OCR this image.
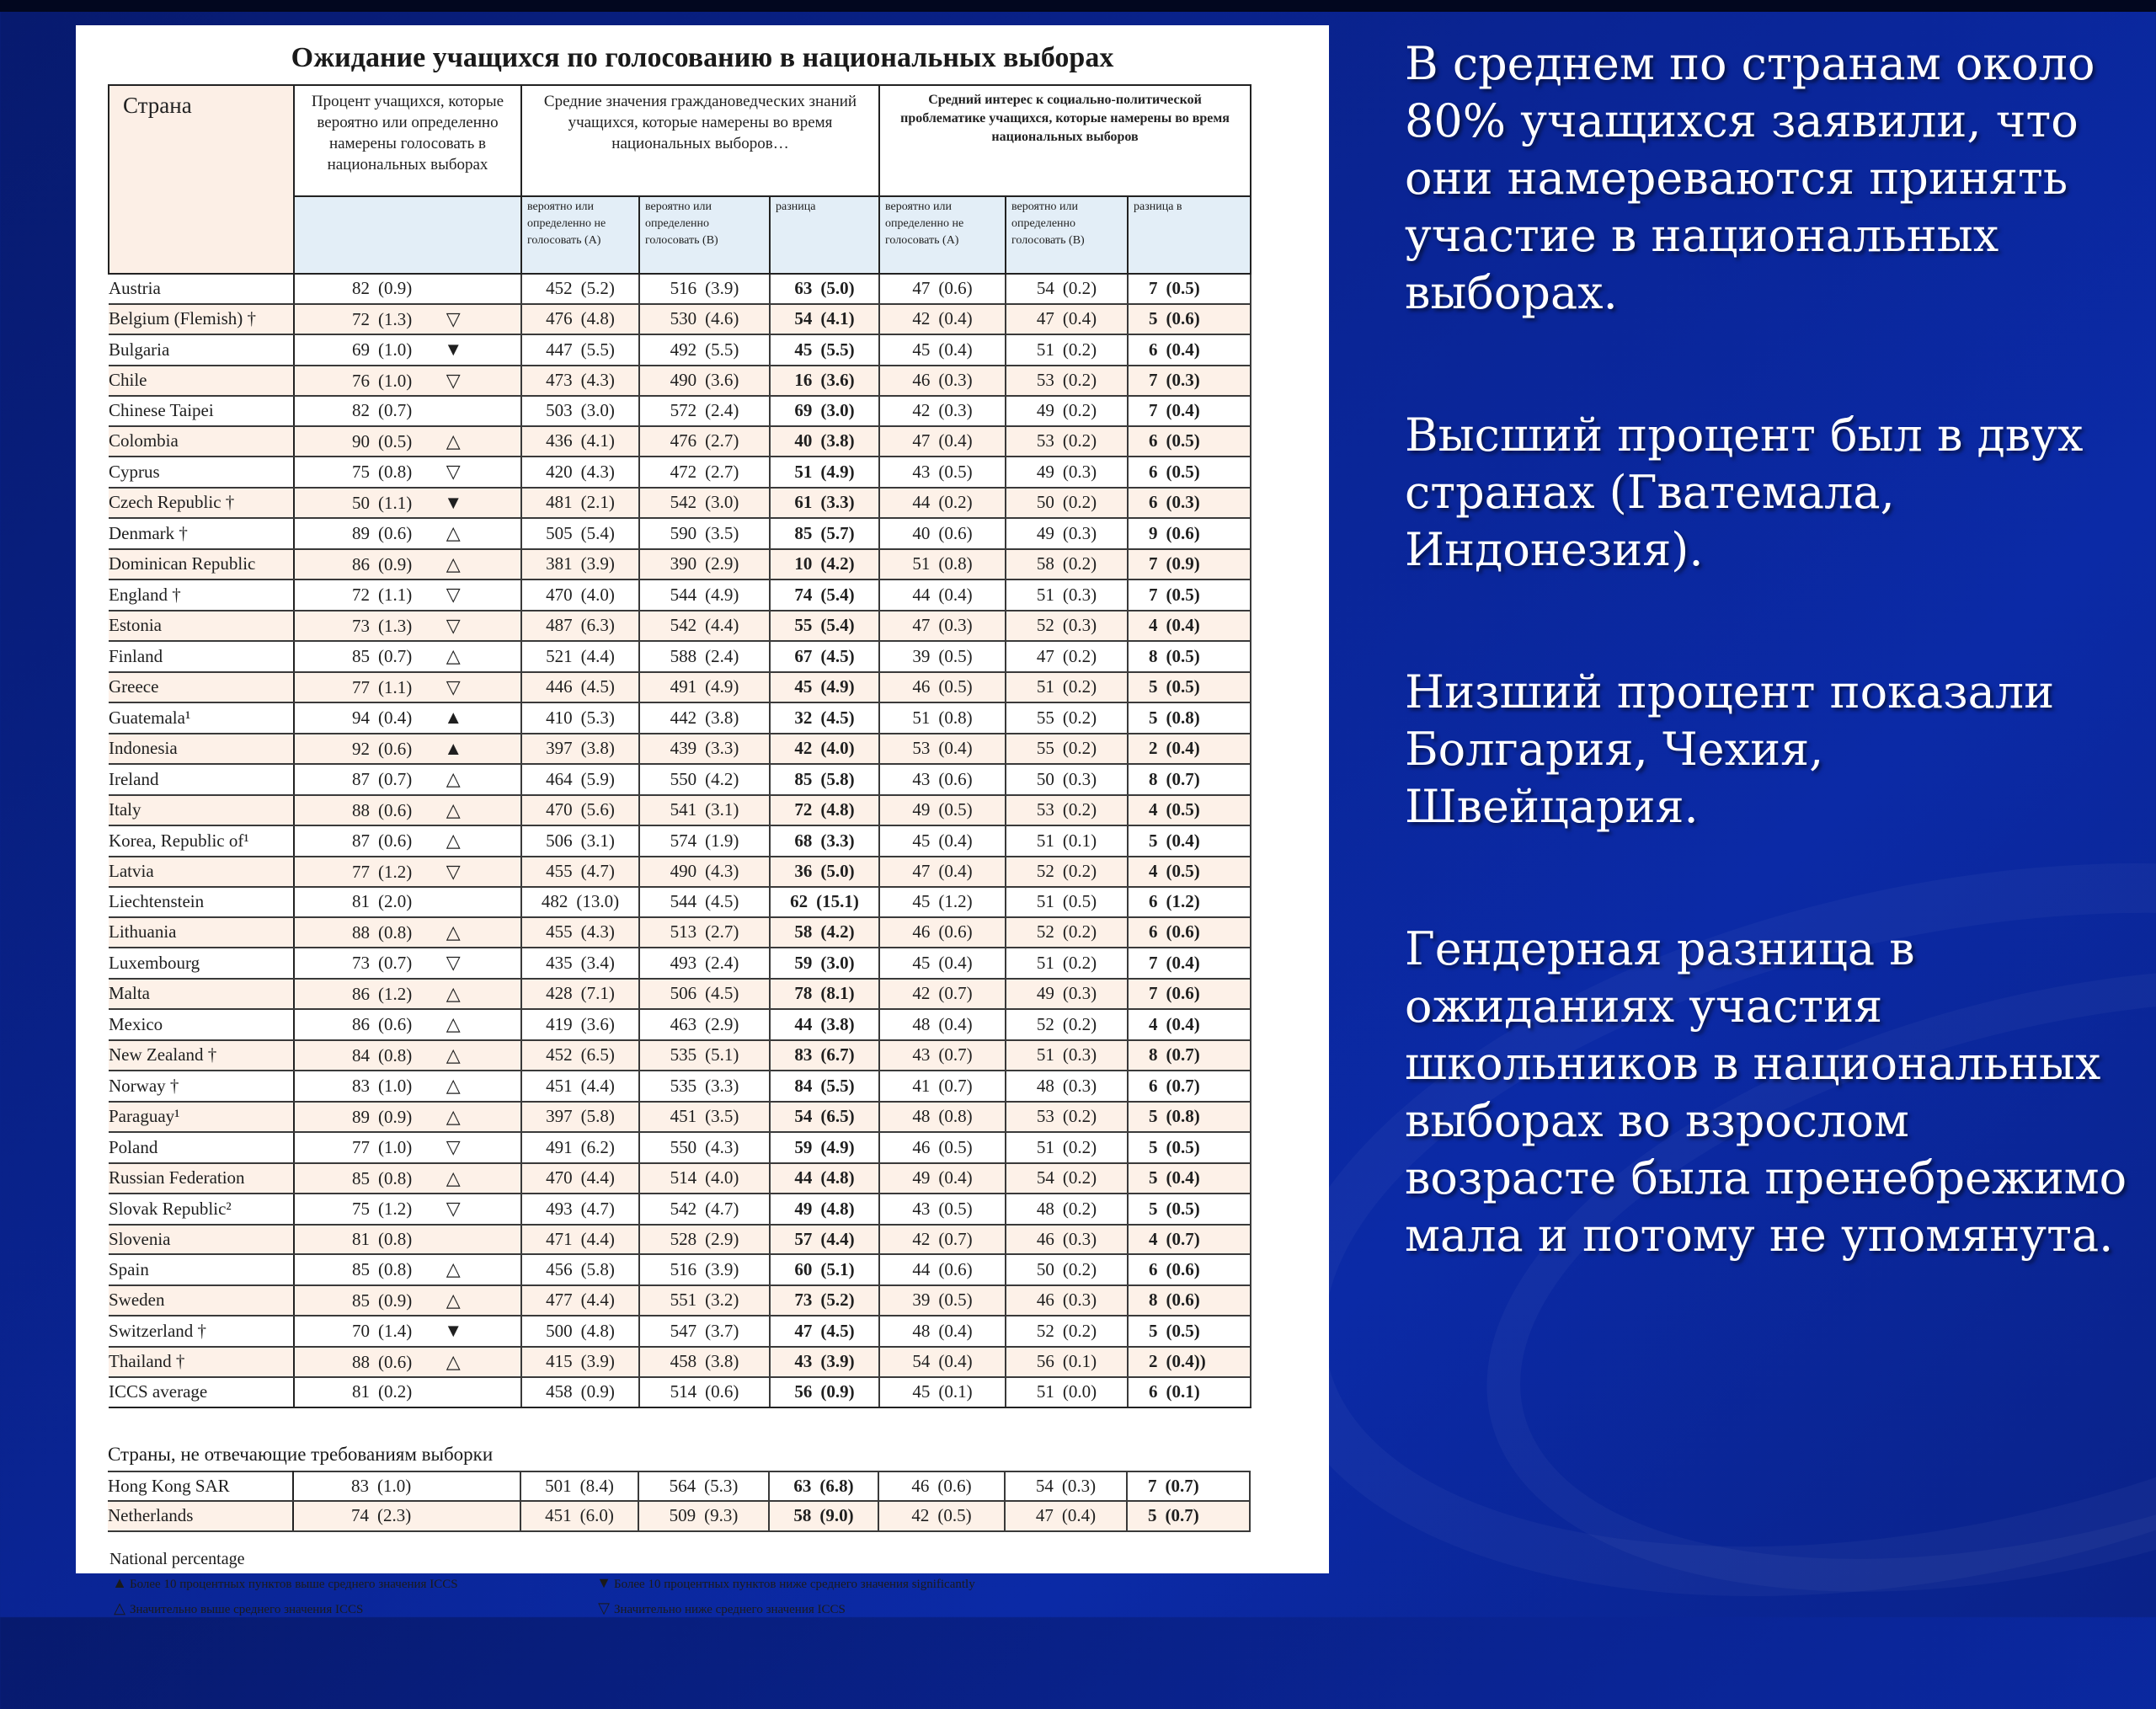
Ожидание учащихся по голосованию в национальных выборах
Страна	Процент учащихся, которые вероятно или определенно намерены голосовать в национальных выборах	Средние значения граждановедческих знаний учащихся, которые намерены во время национальных выборов…			Средний интерес к социально-политической проблематике учащихся, которые намерены во время национальных выборов		
		вероятно или определенно не голосовать (А)	вероятно или определенно голосовать (В)	разница	вероятно или определенно не голосовать (А)	вероятно или определенно голосовать (В)	разница в
Austria	82 (0.9)	452 (5.2)	516 (3.9)	63 (5.0)	47 (0.6)	54 (0.2)	7 (0.5)
Belgium (Flemish) †	72 (1.3) ▽	476 (4.8)	530 (4.6)	54 (4.1)	42 (0.4)	47 (0.4)	5 (0.6)
Bulgaria	69 (1.0) ▼	447 (5.5)	492 (5.5)	45 (5.5)	45 (0.4)	51 (0.2)	6 (0.4)
Chile	76 (1.0) ▽	473 (4.3)	490 (3.6)	16 (3.6)	46 (0.3)	53 (0.2)	7 (0.3)
Chinese Taipei	82 (0.7)	503 (3.0)	572 (2.4)	69 (3.0)	42 (0.3)	49 (0.2)	7 (0.4)
Colombia	90 (0.5) △	436 (4.1)	476 (2.7)	40 (3.8)	47 (0.4)	53 (0.2)	6 (0.5)
Cyprus	75 (0.8) ▽	420 (4.3)	472 (2.7)	51 (4.9)	43 (0.5)	49 (0.3)	6 (0.5)
Czech Republic †	50 (1.1) ▼	481 (2.1)	542 (3.0)	61 (3.3)	44 (0.2)	50 (0.2)	6 (0.3)
Denmark †	89 (0.6) △	505 (5.4)	590 (3.5)	85 (5.7)	40 (0.6)	49 (0.3)	9 (0.6)
Dominican Republic	86 (0.9) △	381 (3.9)	390 (2.9)	10 (4.2)	51 (0.8)	58 (0.2)	7 (0.9)
England †	72 (1.1) ▽	470 (4.0)	544 (4.9)	74 (5.4)	44 (0.4)	51 (0.3)	7 (0.5)
Estonia	73 (1.3) ▽	487 (6.3)	542 (4.4)	55 (5.4)	47 (0.3)	52 (0.3)	4 (0.4)
Finland	85 (0.7) △	521 (4.4)	588 (2.4)	67 (4.5)	39 (0.5)	47 (0.2)	8 (0.5)
Greece	77 (1.1) ▽	446 (4.5)	491 (4.9)	45 (4.9)	46 (0.5)	51 (0.2)	5 (0.5)
Guatemala¹	94 (0.4) ▲	410 (5.3)	442 (3.8)	32 (4.5)	51 (0.8)	55 (0.2)	5 (0.8)
Indonesia	92 (0.6) ▲	397 (3.8)	439 (3.3)	42 (4.0)	53 (0.4)	55 (0.2)	2 (0.4)
Ireland	87 (0.7) △	464 (5.9)	550 (4.2)	85 (5.8)	43 (0.6)	50 (0.3)	8 (0.7)
Italy	88 (0.6) △	470 (5.6)	541 (3.1)	72 (4.8)	49 (0.5)	53 (0.2)	4 (0.5)
Korea, Republic of¹	87 (0.6) △	506 (3.1)	574 (1.9)	68 (3.3)	45 (0.4)	51 (0.1)	5 (0.4)
Latvia	77 (1.2) ▽	455 (4.7)	490 (4.3)	36 (5.0)	47 (0.4)	52 (0.2)	4 (0.5)
Liechtenstein	81 (2.0)	482 (13.0)	544 (4.5)	62 (15.1)	45 (1.2)	51 (0.5)	6 (1.2)
Lithuania	88 (0.8) △	455 (4.3)	513 (2.7)	58 (4.2)	46 (0.6)	52 (0.2)	6 (0.6)
Luxembourg	73 (0.7) ▽	435 (3.4)	493 (2.4)	59 (3.0)	45 (0.4)	51 (0.2)	7 (0.4)
Malta	86 (1.2) △	428 (7.1)	506 (4.5)	78 (8.1)	42 (0.7)	49 (0.3)	7 (0.6)
Mexico	86 (0.6) △	419 (3.6)	463 (2.9)	44 (3.8)	48 (0.4)	52 (0.2)	4 (0.4)
New Zealand †	84 (0.8) △	452 (6.5)	535 (5.1)	83 (6.7)	43 (0.7)	51 (0.3)	8 (0.7)
Norway †	83 (1.0) △	451 (4.4)	535 (3.3)	84 (5.5)	41 (0.7)	48 (0.3)	6 (0.7)
Paraguay¹	89 (0.9) △	397 (5.8)	451 (3.5)	54 (6.5)	48 (0.8)	53 (0.2)	5 (0.8)
Poland	77 (1.0) ▽	491 (6.2)	550 (4.3)	59 (4.9)	46 (0.5)	51 (0.2)	5 (0.5)
Russian Federation	85 (0.8) △	470 (4.4)	514 (4.0)	44 (4.8)	49 (0.4)	54 (0.2)	5 (0.4)
Slovak Republic²	75 (1.2) ▽	493 (4.7)	542 (4.7)	49 (4.8)	43 (0.5)	48 (0.2)	5 (0.5)
Slovenia	81 (0.8)	471 (4.4)	528 (2.9)	57 (4.4)	42 (0.7)	46 (0.3)	4 (0.7)
Spain	85 (0.8) △	456 (5.8)	516 (3.9)	60 (5.1)	44 (0.6)	50 (0.2)	6 (0.6)
Sweden	85 (0.9) △	477 (4.4)	551 (3.2)	73 (5.2)	39 (0.5)	46 (0.3)	8 (0.6)
Switzerland †	70 (1.4) ▼	500 (4.8)	547 (3.7)	47 (4.5)	48 (0.4)	52 (0.2)	5 (0.5)
Thailand †	88 (0.6) △	415 (3.9)	458 (3.8)	43 (3.9)	54 (0.4)	56 (0.1)	2 (0.4))
ICCS average	81 (0.2)	458 (0.9)	514 (0.6)	56 (0.9)	45 (0.1)	51 (0.0)	6 (0.1)
Страны, не отвечающие требованиям выборки
Hong Kong SAR	83 (1.0)	501 (8.4)	564 (5.3)	63 (6.8)	46 (0.6)	54 (0.3)	7 (0.7)
Netherlands	74 (2.3)	451 (6.0)	509 (9.3)	58 (9.0)	42 (0.5)	47 (0.4)	5 (0.7)
National percentage
▲ Более 10 процентных пунктов выше среднего значения ICCS
△ Значительно выше среднего значения ICCS
▼ Более 10 процентных пунктов ниже среднего значения significantly
▽ Значительно ниже среднего значения ICCS

В среднем по странам около 80% учащихся заявили, что они намереваются принять участие в национальных выборах.

Высший процент был в двух странах (Гватемала, Индонезия).

Низший процент показали Болгария, Чехия, Швейцария.

Гендерная разница в ожиданиях участия школьников в национальных выборах во взрослом возрасте была пренебрежимо мала и потому не упомянута.
